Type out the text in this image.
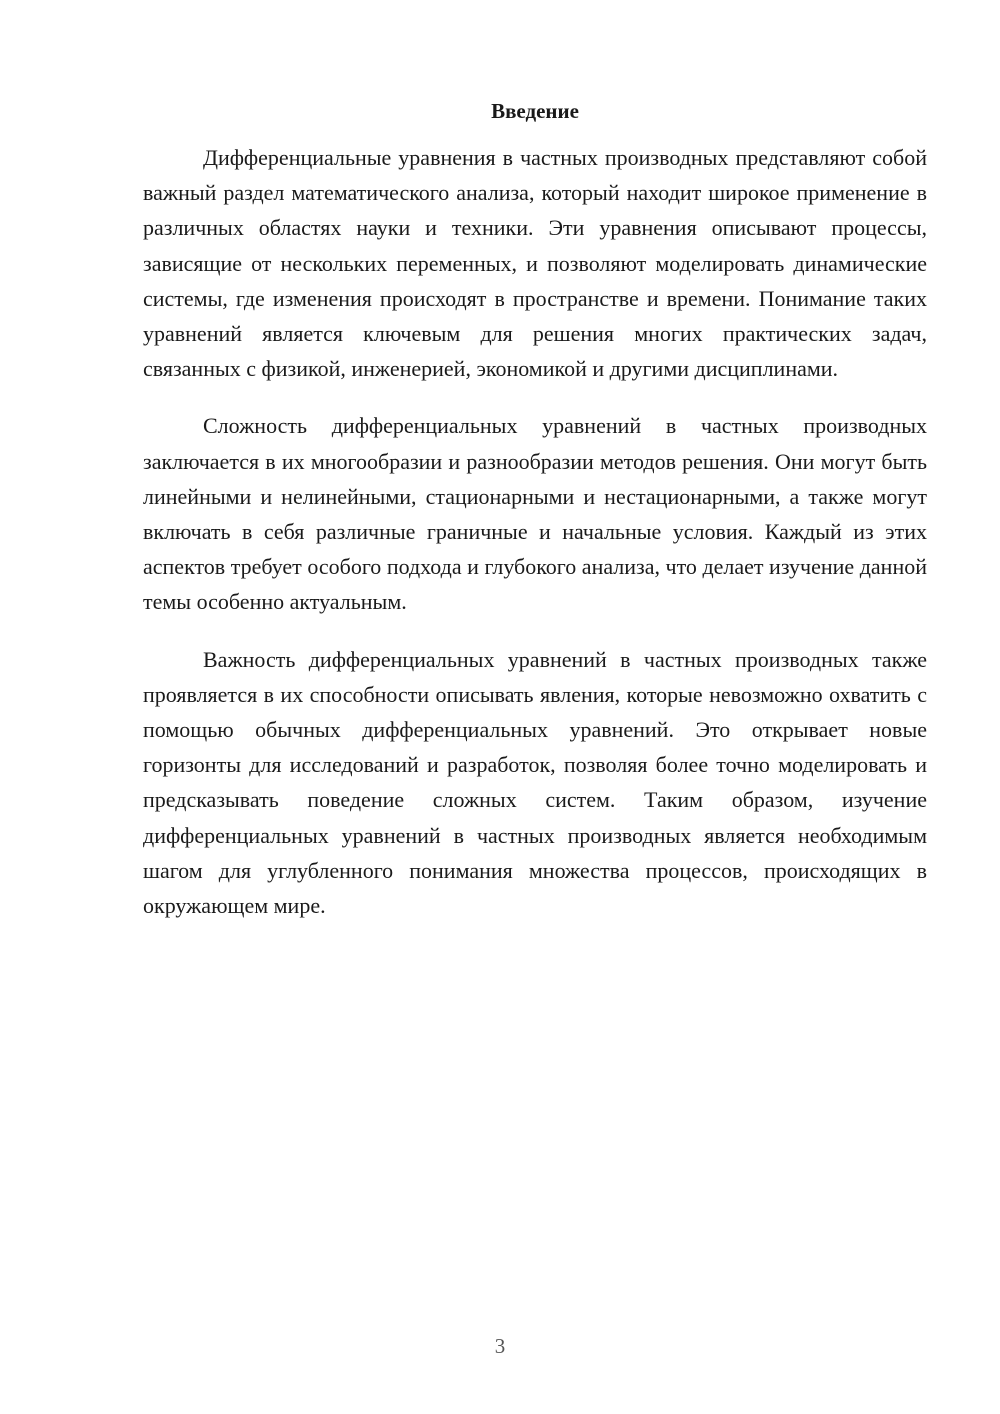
Введение

Дифференциальные уравнения в частных производных представляют собой важный раздел математического анализа, который находит широкое применение в различных областях науки и техники. Эти уравнения описывают процессы, зависящие от нескольких переменных, и позволяют моделировать динамические системы, где изменения происходят в пространстве и времени. Понимание таких уравнений является ключевым для решения многих практических задач, связанных с физикой, инженерией, экономикой и другими дисциплинами.

Сложность дифференциальных уравнений в частных производных заключается в их многообразии и разнообразии методов решения. Они могут быть линейными и нелинейными, стационарными и нестационарными, а также могут включать в себя различные граничные и начальные условия. Каждый из этих аспектов требует особого подхода и глубокого анализа, что делает изучение данной темы особенно актуальным.

Важность дифференциальных уравнений в частных производных также проявляется в их способности описывать явления, которые невозможно охватить с помощью обычных дифференциальных уравнений. Это открывает новые горизонты для исследований и разработок, позволяя более точно моделировать и предсказывать поведение сложных систем. Таким образом, изучение дифференциальных уравнений в частных производных является необходимым шагом для углубленного понимания множества процессов, происходящих в окружающем мире.

3
